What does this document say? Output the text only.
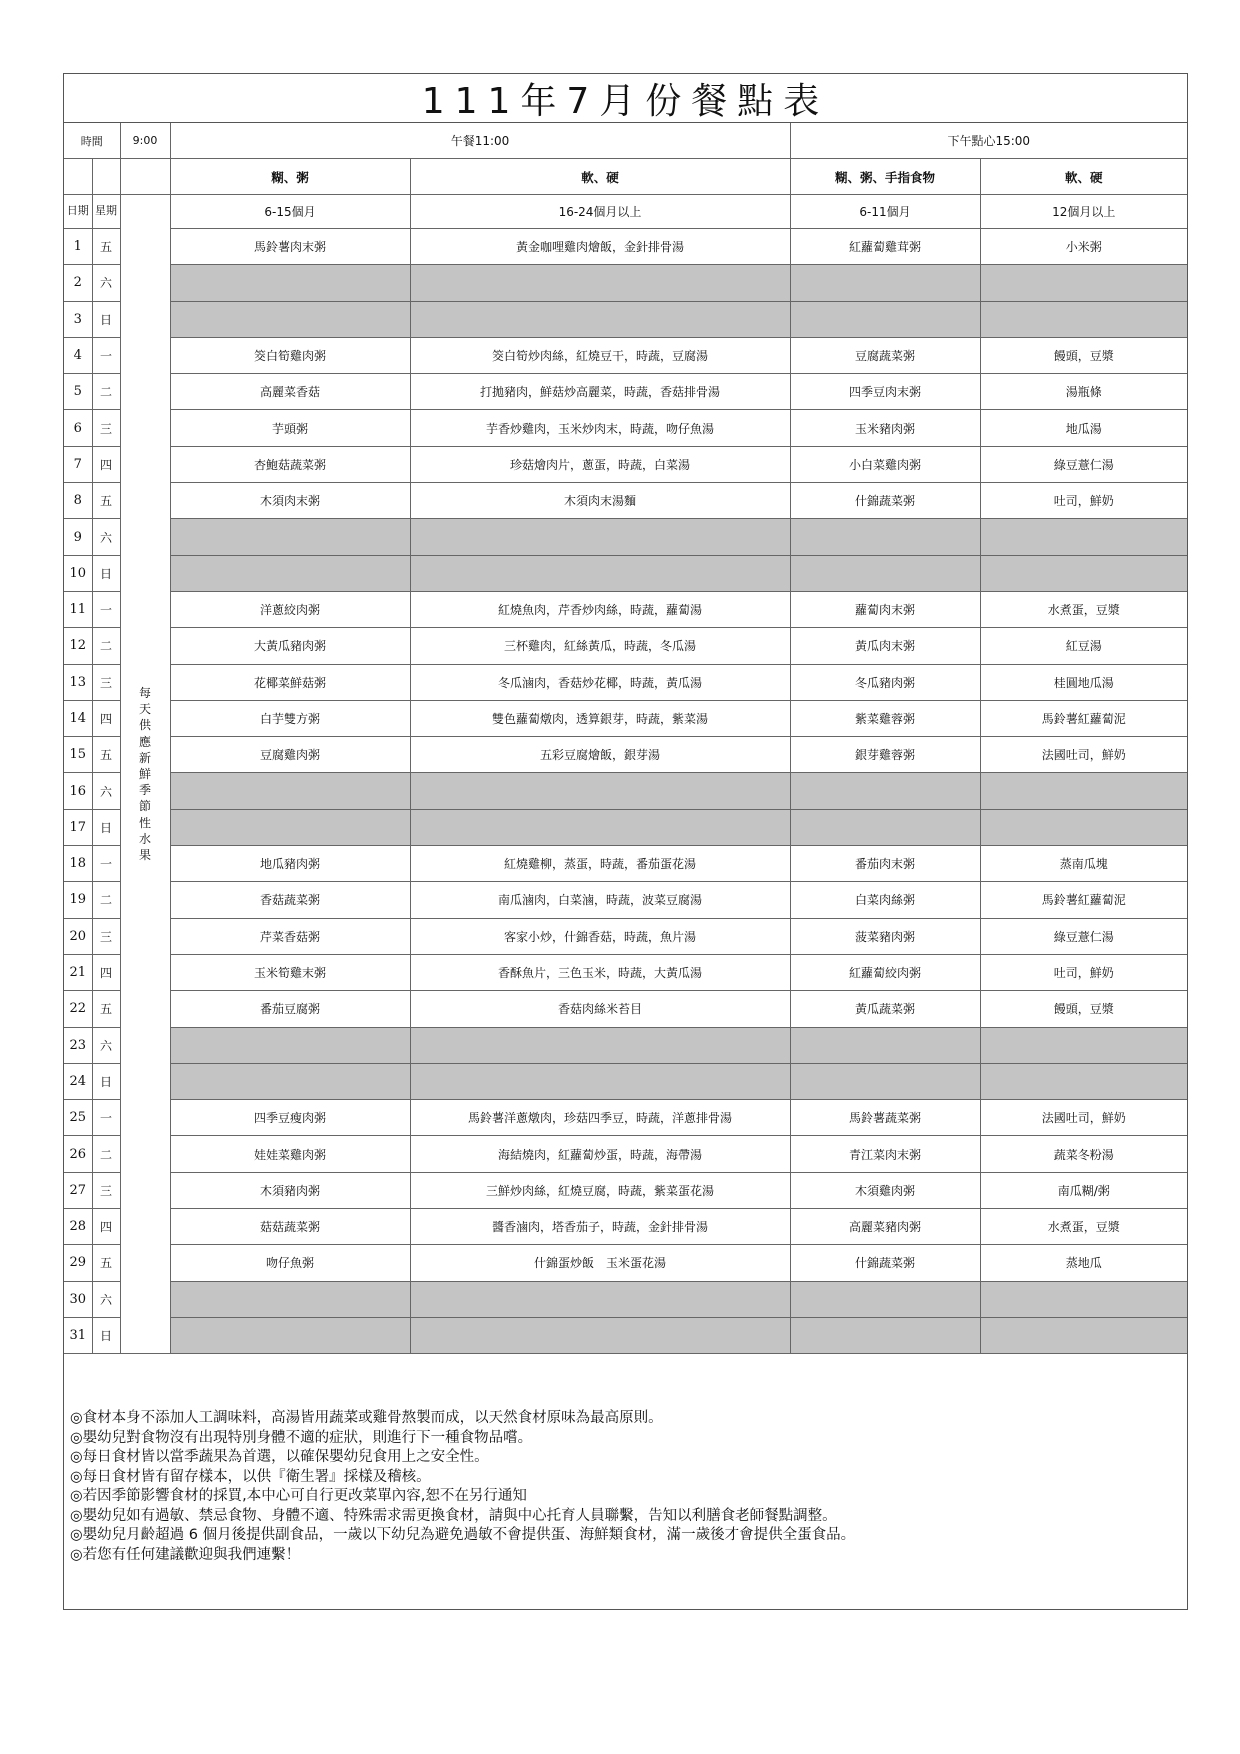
111年7月份餐點表
時間		9:00	午餐11:00		下午點心15:00	
			糊、粥	軟、硬	糊、粥、手指食物	軟、硬
日期	星期	每天供應新鮮季節性水果	6-15個月	16-24個月以上	6-11個月	12個月以上
1	五		馬鈴薯肉末粥	黃金咖哩雞肉燴飯，金針排骨湯	紅蘿蔔雞茸粥	小米粥
2	六					
3	日					
4	一		筊白筍雞肉粥	筊白筍炒肉絲，紅燒豆干，時蔬，豆腐湯	豆腐蔬菜粥	饅頭，豆漿
5	二		高麗菜香菇	打拋豬肉，鮮菇炒高麗菜，時蔬，香菇排骨湯	四季豆肉末粥	湯瓶條
6	三		芋頭粥	芋香炒雞肉，玉米炒肉末，時蔬，吻仔魚湯	玉米豬肉粥	地瓜湯
7	四		杏鮑菇蔬菜粥	珍菇燴肉片，蔥蛋，時蔬，白菜湯	小白菜雞肉粥	綠豆薏仁湯
8	五		木須肉末粥	木須肉末湯麵	什錦蔬菜粥	吐司，鮮奶
9	六					
10	日					
11	一		洋蔥絞肉粥	紅燒魚肉，芹香炒肉絲，時蔬，蘿蔔湯	蘿蔔肉末粥	水煮蛋，豆漿
12	二		大黃瓜豬肉粥	三杯雞肉，紅絲黃瓜，時蔬，冬瓜湯	黃瓜肉末粥	紅豆湯
13	三		花椰菜鮮菇粥	冬瓜滷肉，香菇炒花椰，時蔬，黃瓜湯	冬瓜豬肉粥	桂圓地瓜湯
14	四		白芋雙方粥	雙色蘿蔔燉肉，透算銀芽，時蔬，紫菜湯	紫菜雞蓉粥	馬鈴薯紅蘿蔔泥
15	五		豆腐雞肉粥	五彩豆腐燴飯，銀芽湯	銀芽雞蓉粥	法國吐司，鮮奶
16	六					
17	日					
18	一		地瓜豬肉粥	紅燒雞柳，蒸蛋，時蔬，番茄蛋花湯	番茄肉末粥	蒸南瓜塊
19	二		香菇蔬菜粥	南瓜滷肉，白菜滷，時蔬，波菜豆腐湯	白菜肉絲粥	馬鈴薯紅蘿蔔泥
20	三		芹菜香菇粥	客家小炒，什錦香菇，時蔬，魚片湯	菠菜豬肉粥	綠豆薏仁湯
21	四		玉米筍雞末粥	香酥魚片，三色玉米，時蔬，大黃瓜湯	紅蘿蔔絞肉粥	吐司，鮮奶
22	五		番茄豆腐粥	香菇肉絲米苔目	黃瓜蔬菜粥	饅頭，豆漿
23	六					
24	日					
25	一		四季豆瘦肉粥	馬鈴薯洋蔥燉肉，珍菇四季豆，時蔬，洋蔥排骨湯	馬鈴薯蔬菜粥	法國吐司，鮮奶
26	二		娃娃菜雞肉粥	海結燒肉，紅蘿蔔炒蛋，時蔬，海帶湯	青江菜肉末粥	蔬菜冬粉湯
27	三		木須豬肉粥	三鮮炒肉絲，紅燒豆腐，時蔬，紫菜蛋花湯	木須雞肉粥	南瓜糊/粥
28	四		菇菇蔬菜粥	醬香滷肉，塔香茄子，時蔬，金針排骨湯	高麗菜豬肉粥	水煮蛋，豆漿
29	五		吻仔魚粥	什錦蛋炒飯　玉米蛋花湯	什錦蔬菜粥	蒸地瓜
30	六					
31	日					
◎食材本身不添加人工調味料，高湯皆用蔬菜或雞骨熬製而成，以天然食材原味為最高原則。
◎嬰幼兒對食物沒有出現特別身體不適的症狀，則進行下一種食物品嚐。
◎每日食材皆以當季蔬果為首選，以確保嬰幼兒食用上之安全性。
◎每日食材皆有留存樣本，以供『衛生署』採樣及稽核。
◎若因季節影響食材的採買,本中心可自行更改菜單內容,恕不在另行通知
◎嬰幼兒如有過敏、禁忌食物、身體不適、特殊需求需更換食材，請與中心托育人員聯繫，告知以利膳食老師餐點調整。
◎嬰幼兒月齡超過 6 個月後提供副食品，一歲以下幼兒為避免過敏不會提供蛋、海鮮類食材，滿一歲後才會提供全蛋食品。
◎若您有任何建議歡迎與我們連繫！
